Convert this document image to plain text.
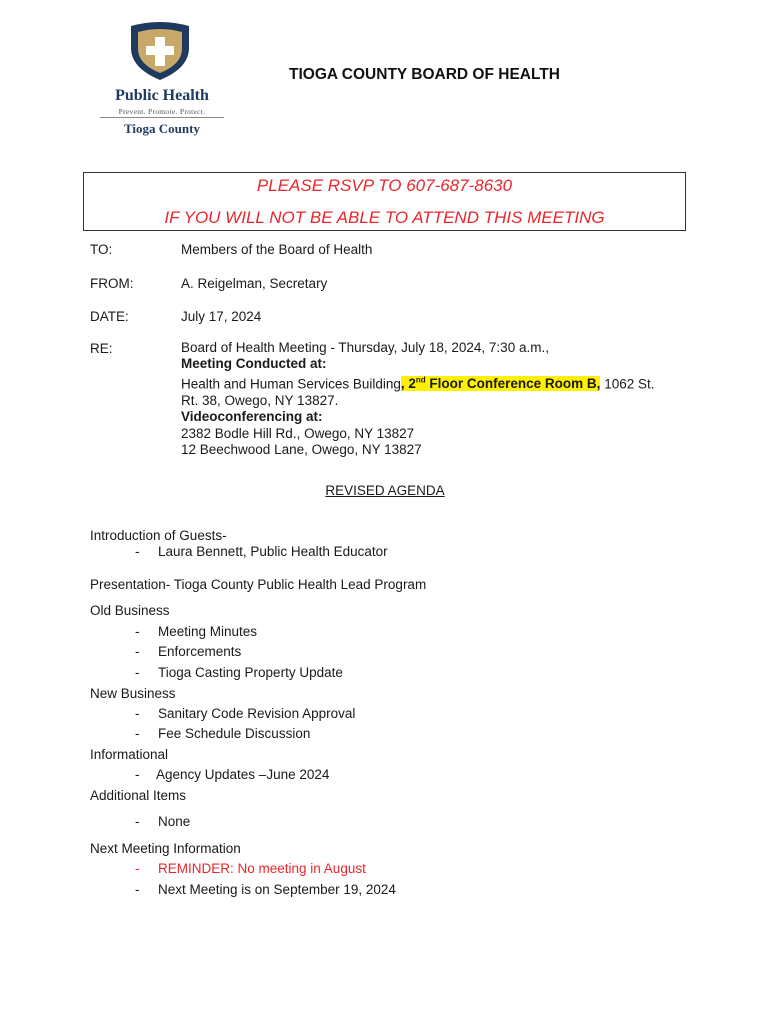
Public Health
Prevent. Promote. Protect.
Tioga County
TIOGA COUNTY BOARD OF HEALTH
PLEASE RSVP TO 607-687-8630
IF YOU WILL NOT BE ABLE TO ATTEND THIS MEETING
TO:	Members of the Board of Health
FROM:	A. Reigelman, Secretary
DATE:	July 17, 2024
RE:	Board of Health Meeting - Thursday, July 18, 2024, 7:30 a.m.,
Meeting Conducted at:
Health and Human Services Building, 2nd Floor Conference Room B, 1062 St.
Rt. 38, Owego, NY 13827.
Videoconferencing at:
2382 Bodle Hill Rd., Owego, NY 13827
12 Beechwood Lane, Owego, NY 13827
REVISED AGENDA
Introduction of Guests-
- Laura Bennett, Public Health Educator
Presentation- Tioga County Public Health Lead Program
Old Business
- Meeting Minutes
- Enforcements
- Tioga Casting Property Update
New Business
- Sanitary Code Revision Approval
- Fee Schedule Discussion
Informational
- Agency Updates –June 2024
Additional Items
- None
Next Meeting Information
- REMINDER: No meeting in August
- Next Meeting is on September 19, 2024
